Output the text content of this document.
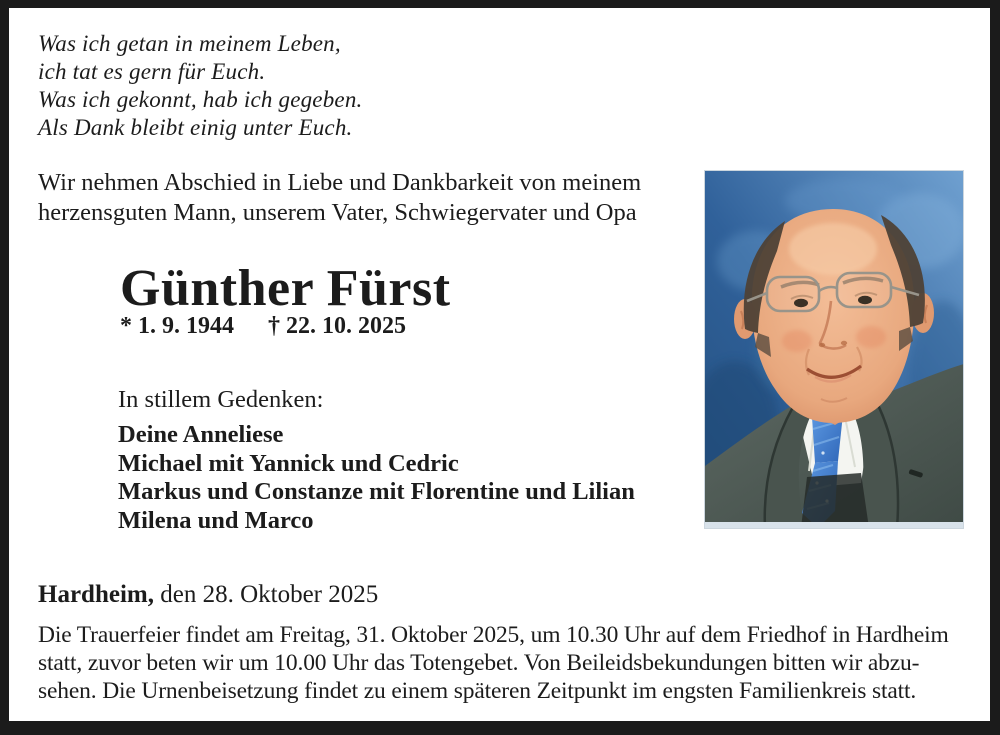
Was ich getan in meinem Leben,
ich tat es gern für Euch.
Was ich gekonnt, hab ich gegeben.
Als Dank bleibt einig unter Euch.
Wir nehmen Abschied in Liebe und Dankbarkeit von meinem
herzensguten Mann, unserem Vater, Schwiegervater und Opa
Günther Fürst
* 1. 9. 1944 † 22. 10. 2025
In stillem Gedenken:
Deine Anneliese
Michael mit Yannick und Cedric
Markus und Constanze mit Florentine und Lilian
Milena und Marco
Hardheim, den 28. Oktober 2025
Die Trauerfeier findet am Freitag, 31. Oktober 2025, um 10.30 Uhr auf dem Friedhof in Hardheim
statt, zuvor beten wir um 10.00 Uhr das Totengebet. Von Beileidsbekundungen bitten wir abzu-
sehen. Die Urnenbeisetzung findet zu einem späteren Zeitpunkt im engsten Familienkreis statt.
